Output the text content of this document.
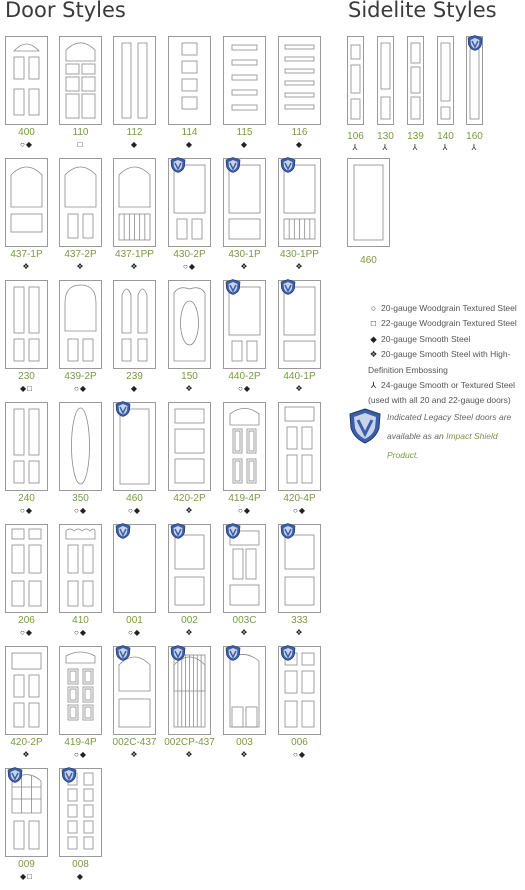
Door Styles	Sidelite Styles
400
○◆
110
□
112
◆
114
◆
115
◆
116
◆
437-1P
❖
437-2P
❖
437-1PP
❖
430-2P
○◆
430-1P
❖
430-1PP
❖
230
◆□
439-2P
○◆
239
◆
150
❖
440-2P
○◆
440-1P
❖
240
○◆
350
○◆
460
○◆
420-2P
❖
419-4P
○◆
420-4P
○◆
206
○◆
410
○◆
001
○◆
002
❖
003C
❖
333
❖
420-2P
❖
419-4P
○◆
002C-437
❖
002CP-437
❖
003
❖
006
○◆
009
◆□
008
◆
106
⅄
130
⅄
139
⅄
140
⅄
160
⅄
460
○ 20-gauge Woodgrain Textured Steel
□ 22-gauge Woodgrain Textured Steel
◆ 20-gauge Smooth Steel
❖ 20-gauge Smooth Steel with High-Definition Embossing
⅄ 24-gauge Smooth or Textured Steel (used with all 20 and 22-gauge doors)
Indicated Legacy Steel doors are
available as an Impact Shield Product.
